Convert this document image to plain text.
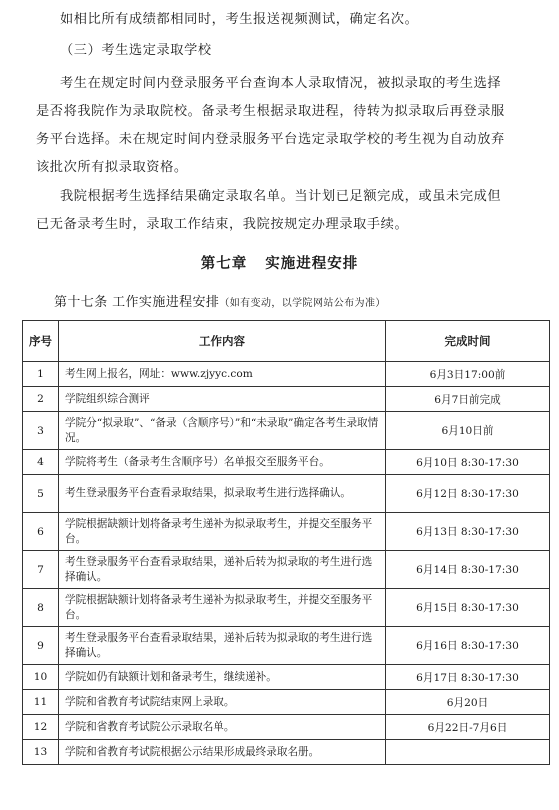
如相比所有成绩都相同时，考生报送视频测试，确定名次。
（三）考生选定录取学校
考生在规定时间内登录服务平台查询本人录取情况，被拟录取的考生选择
是否将我院作为录取院校。备录考生根据录取进程，待转为拟录取后再登录服
务平台选择。未在规定时间内登录服务平台选定录取学校的考生视为自动放弃
该批次所有拟录取资格。
我院根据考生选择结果确定录取名单。当计划已足额完成，或虽未完成但
已无备录考生时，录取工作结束，我院按规定办理录取手续。
第七章 实施进程安排
第十七条 工作实施进程安排（如有变动，以学院网站公布为准）
序号	工作内容	完成时间
1	考生网上报名，网址：www.zjyyc.com	6月3日17:00前
2	学院组织综合测评	6月7日前完成
3	学院分“拟录取”、“备录（含顺序号）”和“未录取”确定各考生录取情况。	6月10日前
4	学院将考生（备录考生含顺序号）名单报交至服务平台。	6月10日 8:30-17:30
5	考生登录服务平台查看录取结果，拟录取考生进行选择确认。	6月12日 8:30-17:30
6	学院根据缺额计划将备录考生递补为拟录取考生，并提交至服务平台。	6月13日 8:30-17:30
7	考生登录服务平台查看录取结果，递补后转为拟录取的考生进行选择确认。	6月14日 8:30-17:30
8	学院根据缺额计划将备录考生递补为拟录取考生，并提交至服务平台。	6月15日 8:30-17:30
9	考生登录服务平台查看录取结果，递补后转为拟录取的考生进行选择确认。	6月16日 8:30-17:30
10	学院如仍有缺额计划和备录考生，继续递补。	6月17日 8:30-17:30
11	学院和省教育考试院结束网上录取。	6月20日
12	学院和省教育考试院公示录取名单。	6月22日-7月6日
13	学院和省教育考试院根据公示结果形成最终录取名册。	
